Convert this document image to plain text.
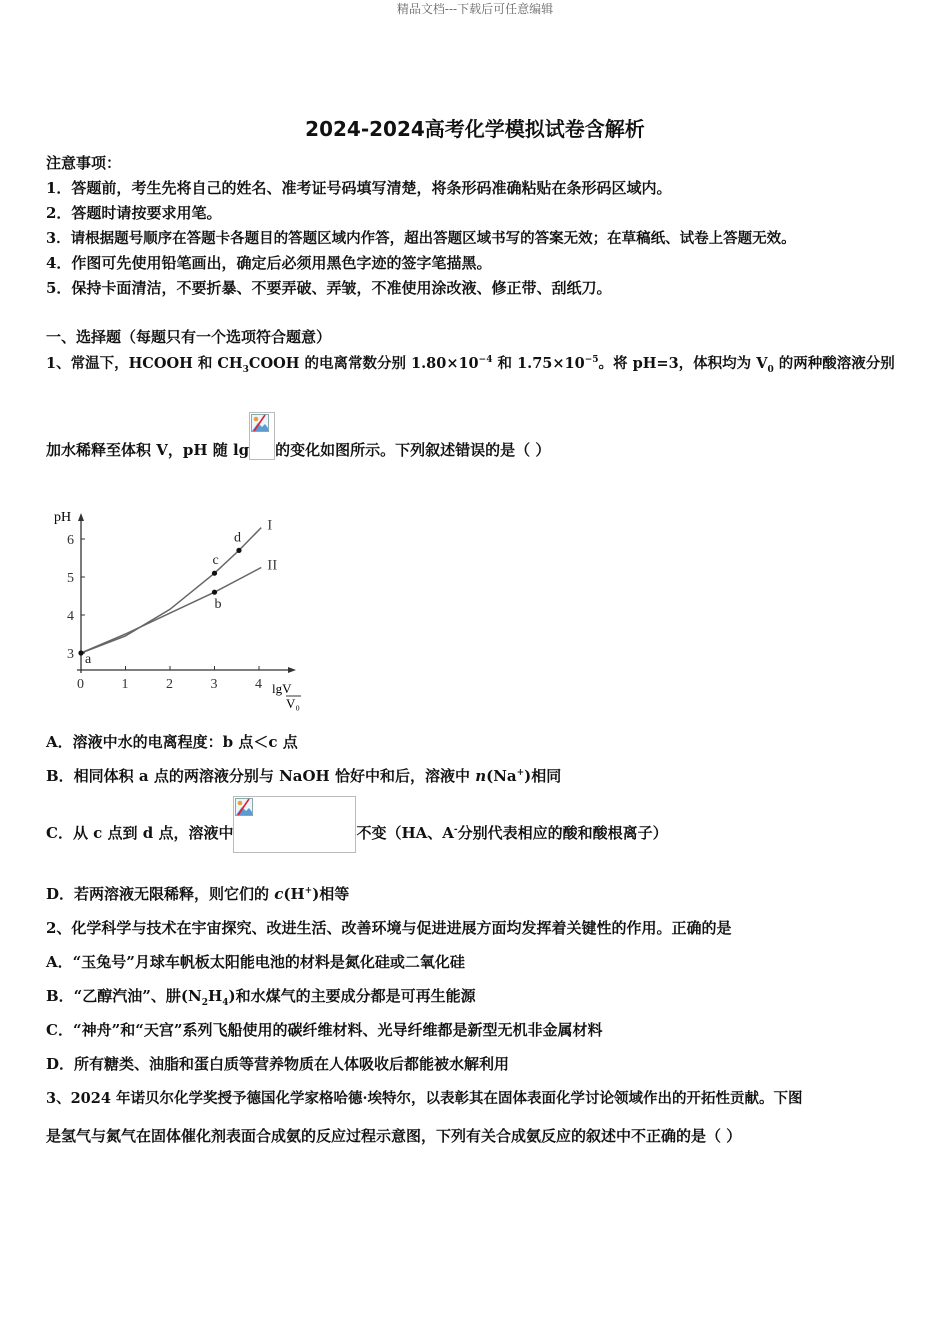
精品文档---下载后可任意编辑
2024-2024高考化学模拟试卷含解析
注意事项：
1．答题前，考生先将自己的姓名、准考证号码填写清楚，将条形码准确粘贴在条形码区域内。
2．答题时请按要求用笔。
3．请根据题号顺序在答题卡各题目的答题区域内作答，超出答题区域书写的答案无效；在草稿纸、试卷上答题无效。
4．作图可先使用铅笔画出，确定后必须用黑色字迹的签字笔描黑。
5．保持卡面清洁，不要折暴、不要弄破、弄皱，不准使用涂改液、修正带、刮纸刀。
一、选择题（每题只有一个选项符合题意）
1、常温下，HCOOH 和 $CH_3COOH$ 的电离常数分别 $1.80\times 10^{-4}$ 和 $1.75\times 10^{-5}$。将 pH=3，体积均为 $V_0$ 的两种酸溶液分别
加水稀释至体积 V，pH 随 lg 的变化如图所示。下列叙述错误的是（ ）
3
4
5
6
0	1	2	3	4
I
II
a
b
c
d
pH
lgV
V₀
A．溶液中水的电离程度：b 点＜c 点
B．相同体积 a 点的两溶液分别与 NaOH 恰好中和后，溶液中 n(Na+)相同
C．从 c 点到 d 点，溶液中	不变（HA、A-分别代表相应的酸和酸根离子）
D．若两溶液无限稀释，则它们的 c(H+)相等
2、化学科学与技术在宇宙探究、改进生活、改善环境与促进进展方面均发挥着关键性的作用。正确的是
A．“玉兔号”月球车帆板太阳能电池的材料是氮化硅或二氧化硅
B．“乙醇汽油”、肼$(N_2H_4)$和水煤气的主要成分都是可再生能源
C．“神舟”和“天宫”系列飞船使用的碳纤维材料、光导纤维都是新型无机非金属材料
D．所有糖类、油脂和蛋白质等营养物质在人体吸收后都能被水解利用
3、2024 年诺贝尔化学奖授予德国化学家格哈德·埃特尔，以表彰其在固体表面化学讨论领域作出的开拓性贡献。下图
是氢气与氮气在固体催化剂表面合成氨的反应过程示意图，下列有关合成氨反应的叙述中不正确的是（ ）
